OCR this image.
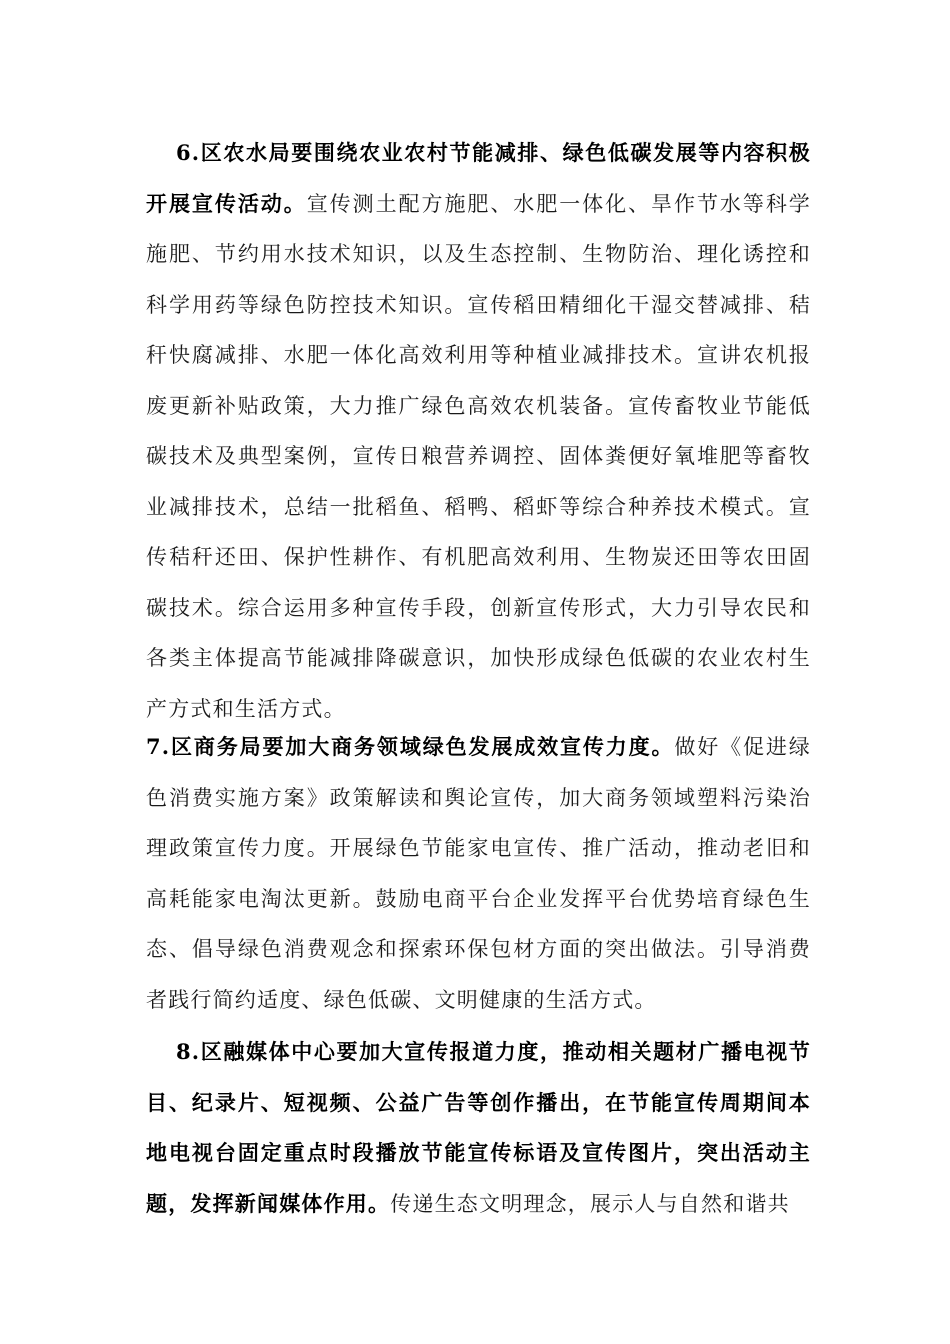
6.区农水局要围绕农业农村节能减排、绿色低碳发展等内容积极开展宣传活动。宣传测土配方施肥、水肥一体化、旱作节水等科学施肥、节约用水技术知识，以及生态控制、生物防治、理化诱控和科学用药等绿色防控技术知识。宣传稻田精细化干湿交替减排、秸秆快腐减排、水肥一体化高效利用等种植业减排技术。宣讲农机报废更新补贴政策，大力推广绿色高效农机装备。宣传畜牧业节能低碳技术及典型案例，宣传日粮营养调控、固体粪便好氧堆肥等畜牧业减排技术，总结一批稻鱼、稻鸭、稻虾等综合种养技术模式。宣传秸秆还田、保护性耕作、有机肥高效利用、生物炭还田等农田固碳技术。综合运用多种宣传手段，创新宣传形式，大力引导农民和各类主体提高节能减排降碳意识，加快形成绿色低碳的农业农村生产方式和生活方式。

7.区商务局要加大商务领域绿色发展成效宣传力度。做好《促进绿色消费实施方案》政策解读和舆论宣传，加大商务领域塑料污染治理政策宣传力度。开展绿色节能家电宣传、推广活动，推动老旧和高耗能家电淘汰更新。鼓励电商平台企业发挥平台优势培育绿色生态、倡导绿色消费观念和探索环保包材方面的突出做法。引导消费者践行简约适度、绿色低碳、文明健康的生活方式。

8.区融媒体中心要加大宣传报道力度，推动相关题材广播电视节目、纪录片、短视频、公益广告等创作播出，在节能宣传周期间本地电视台固定重点时段播放节能宣传标语及宣传图片，突出活动主题，发挥新闻媒体作用。传递生态文明理念，展示人与自然和谐共
